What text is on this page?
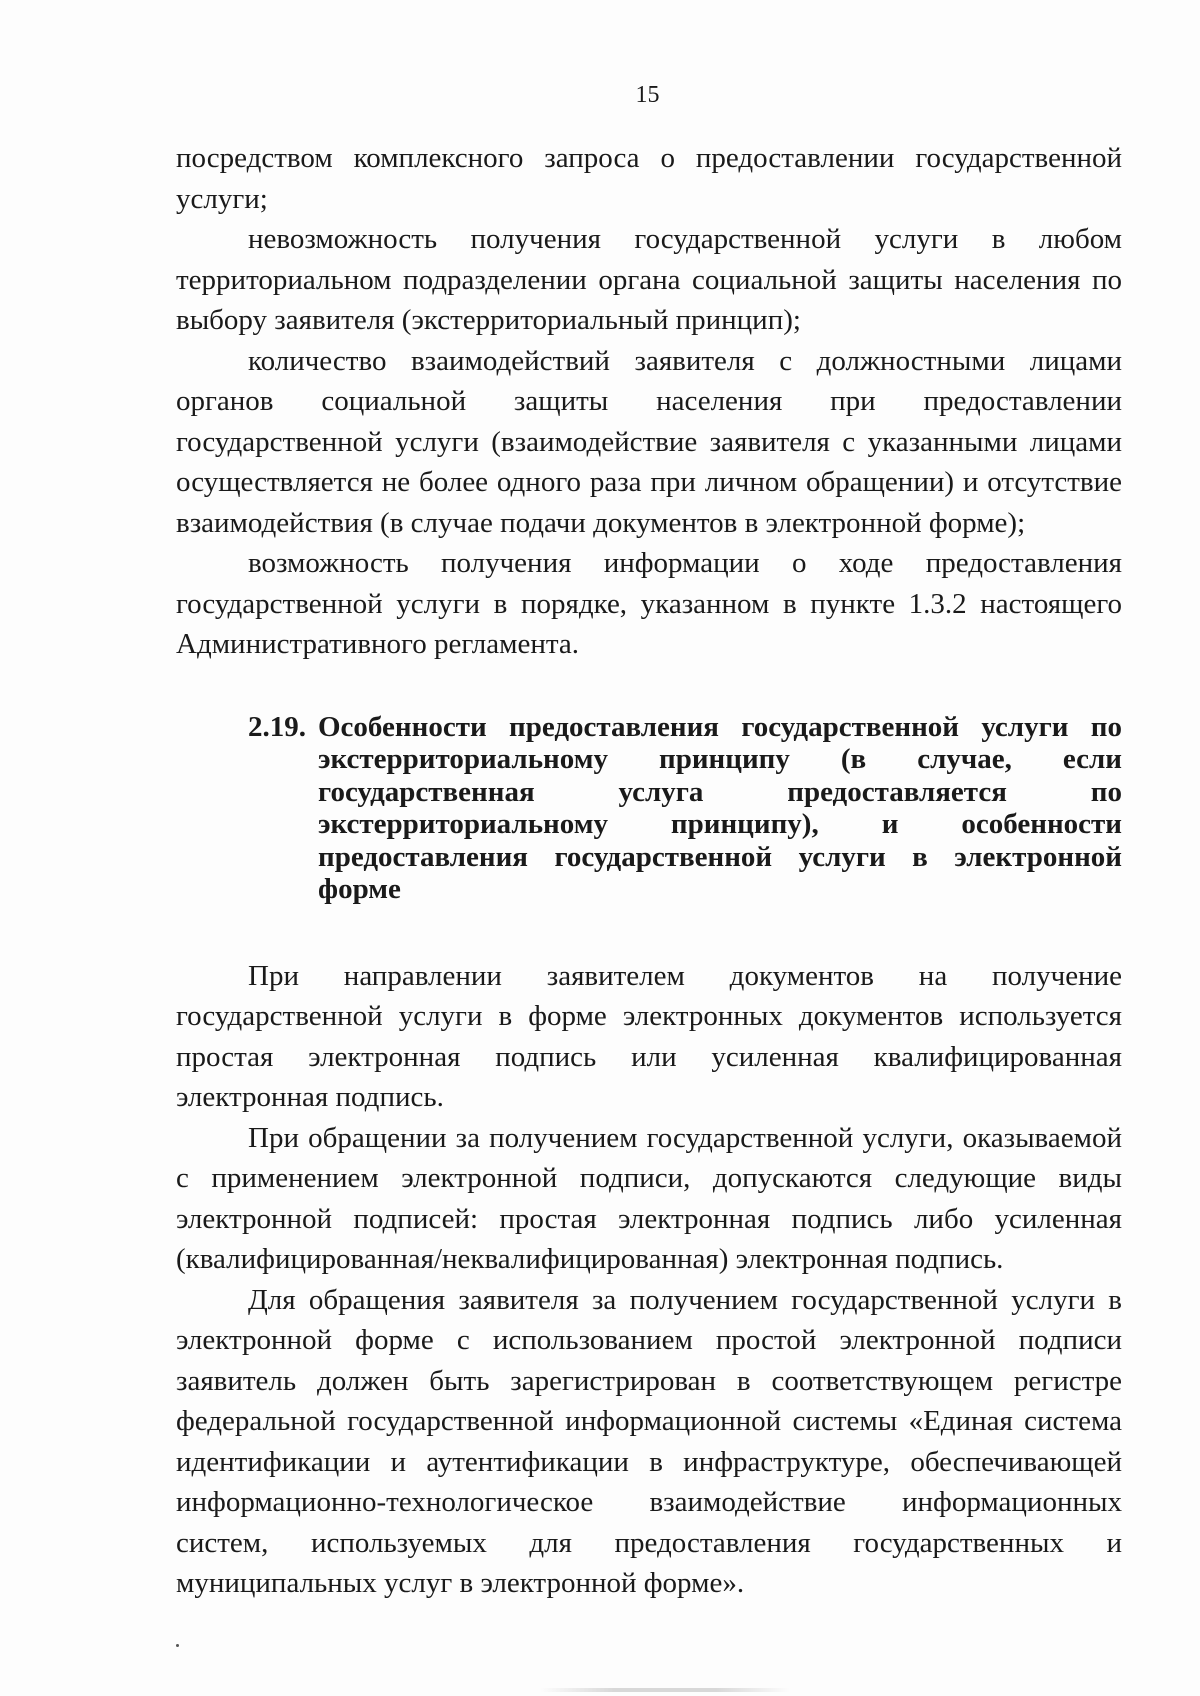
15

посредством комплексного запроса о предоставлении государственной услуги;

невозможность получения государственной услуги в любом территориальном подразделении органа социальной защиты населения по выбору заявителя (экстерриториальный принцип);

количество взаимодействий заявителя с должностными лицами органов социальной защиты населения при предоставлении государственной услуги (взаимодействие заявителя с указанными лицами осуществляется не более одного раза при личном обращении) и отсутствие взаимодействия (в случае подачи документов в электронной форме);

возможность получения информации о ходе предоставления государственной услуги в порядке, указанном в пункте 1.3.2 настоящего Административного регламента.

2.19. Особенности предоставления государственной услуги по экстерриториальному принципу (в случае, если государственная услуга предоставляется по экстерриториальному принципу), и особенности предоставления государственной услуги в электронной форме

При направлении заявителем документов на получение государственной услуги в форме электронных документов используется простая электронная подпись или усиленная квалифицированная электронная подпись.

При обращении за получением государственной услуги, оказываемой с применением электронной подписи, допускаются следующие виды электронной подписей: простая электронная подпись либо усиленная (квалифицированная/неквалифицированная) электронная подпись.

Для обращения заявителя за получением государственной услуги в электронной форме с использованием простой электронной подписи заявитель должен быть зарегистрирован в соответствующем регистре федеральной государственной информационной системы «Единая система идентификации и аутентификации в инфраструктуре, обеспечивающей информационно-технологическое взаимодействие информационных систем, используемых для предоставления государственных и муниципальных услуг в электронной форме».
